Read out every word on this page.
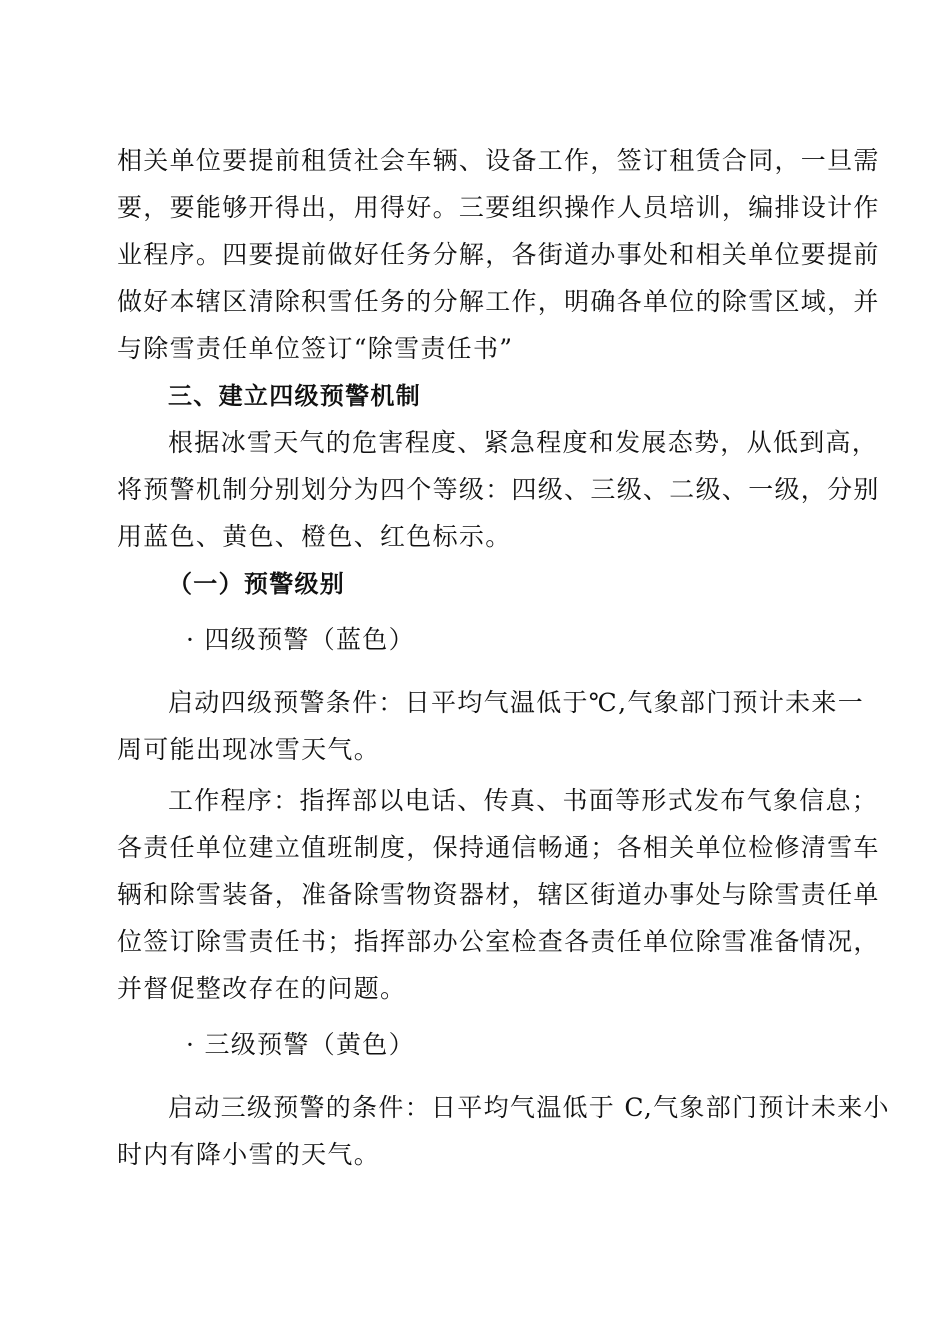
相关单位要提前租赁社会车辆、设备工作，签订租赁合同，一旦需
要，要能够开得出，用得好。三要组织操作人员培训，编排设计作
业程序。四要提前做好任务分解，各街道办事处和相关单位要提前
做好本辖区清除积雪任务的分解工作，明确各单位的除雪区域，并
与除雪责任单位签订“除雪责任书”
三、建立四级预警机制
根据冰雪天气的危害程度、紧急程度和发展态势，从低到高，
将预警机制分别划分为四个等级：四级、三级、二级、一级，分别
用蓝色、黄色、橙色、红色标示。
（一）预警级别
· 四级预警（蓝色）
启动四级预警条件：日平均气温低于℃,气象部门预计未来一
周可能出现冰雪天气。
工作程序：指挥部以电话、传真、书面等形式发布气象信息；
各责任单位建立值班制度，保持通信畅通；各相关单位检修清雪车
辆和除雪装备，准备除雪物资器材，辖区街道办事处与除雪责任单
位签订除雪责任书；指挥部办公室检查各责任单位除雪准备情况，
并督促整改存在的问题。
· 三级预警（黄色）
启动三级预警的条件：日平均气温低于 C,气象部门预计未来小
时内有降小雪的天气。
